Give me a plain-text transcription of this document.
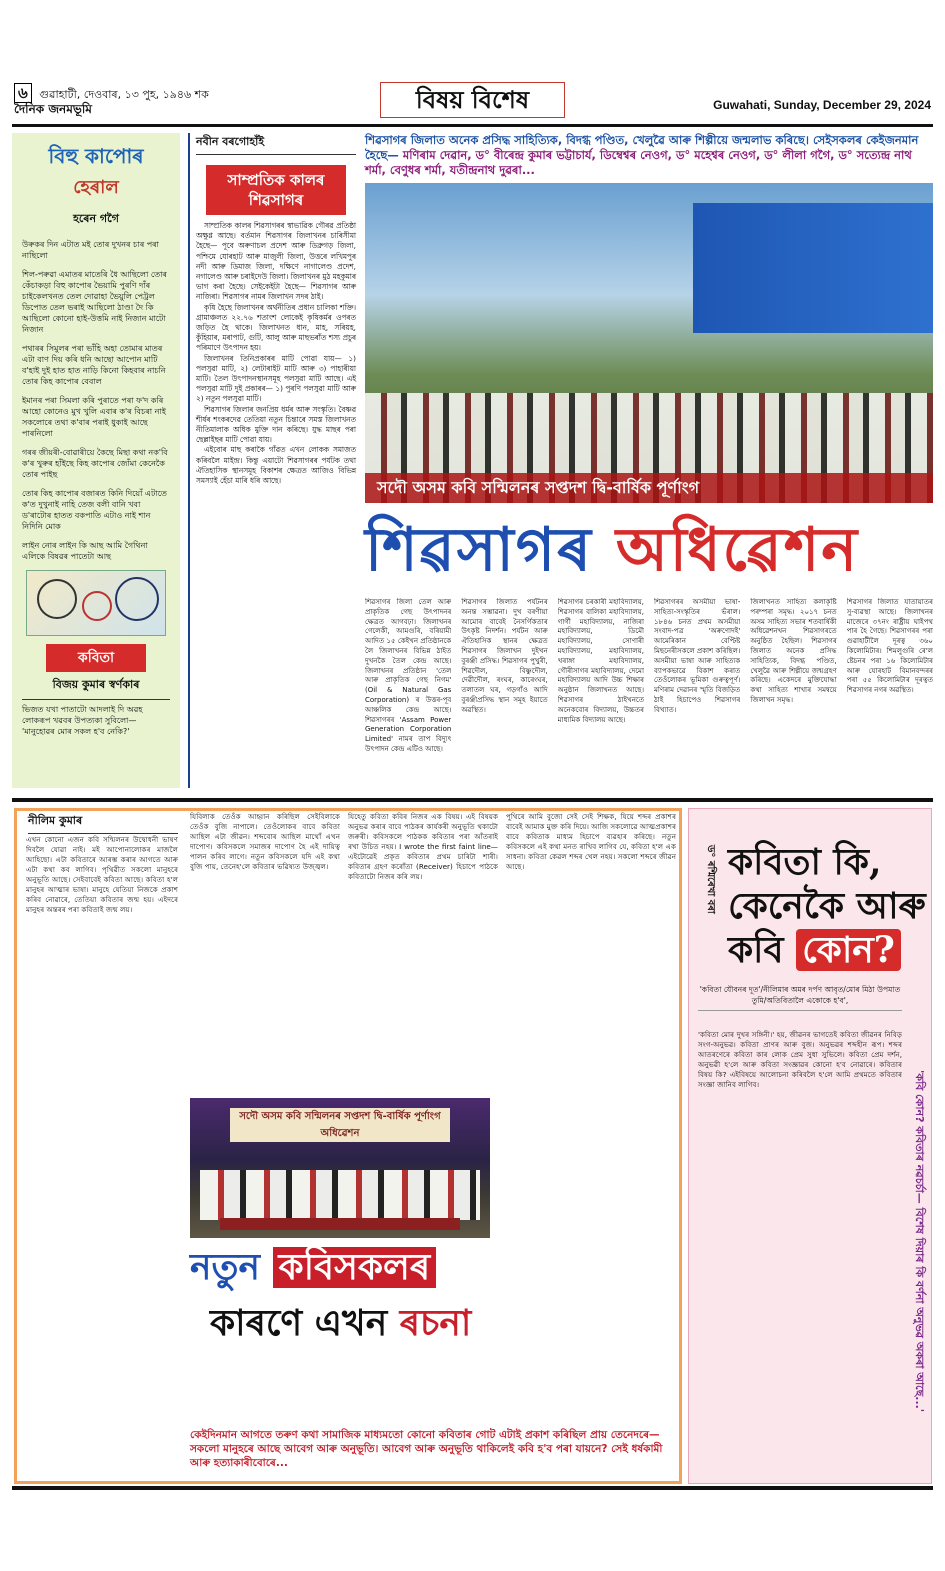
৬ গুৱাহাটী, দেওবাৰ, ১৩ পুহ, ১৯৪৬ শক
দৈনিক জনমভূমি	বিষয় বিশেষ	Guwahati, Sunday, December 29, 2024
বিহু কাপোৰ
হেৰাল
হৰেন গগৈ

উৰুকৰ দিন এটাত মই তোৰ দুখনৰ চাৰ পৰা নাছিলো

শিল-পৰুৱা এমাতৰ মাতেৰি ধৈ আছিলো তোৰ কেঁচাকড়া বিহু কাপোৰ ভৈয়ামি পুৰণি দাঁৰ চাইকেলখনত তেল দোৱাহা ভৈয়ুলি পেট্ৰল ডিপোত তেল ভৰাই আছিলো ঠাণ্ডা দৈ কি আছিলো কোনো হাই-উত্তমি নাই নিজান মাটো নিজান

পথাৰৰ সিমুলৰ পৰা ভাঁহি অহা তোমাৰ মাতৰ এটা বাণ দিয় কৰি ধনি আছো আপোন মাটি ব'হাই দুই হাত হাত নাড়ি কিনো কিহবাৰ নাচনি তোৰ কিহ কাপোৰ বেবাল

ইমানৰ পৰা সিমলা কৰি পুৰাতে পৰা ফ'দ কৰি আহো কোনেও মুখ খুলি এবাৰ ক'ৰ বিচৰা নাই সকলোৰে তথা ক'বাৰ পৰাই ধুকাই আছে পাৰনিলো

গৰৰ জীয়ৰী-বোৱাৰীয়ে কৈছে মিছা কথা নক'বি ক'ৰ খুৰুৰ হাঁইছে কিহ কাপোৰ জোঁমা কেনেকৈ তোৰ পাইছ

তোৰ কিহ কাপোৰ বজাৰত কিনি দিয়োঁ এটাতে ক'ত দুখুনাই নাহি তেজ বলী বানি খবা ড'ৰাটোৰ হাতত বকপাতি এটাও নাই শান নিদিনি মোক

লাইন নোৰ লাইন কি আছ আমি গৈথিনা এলিকে বিষৱৰ পাতেটা আছ

কবিতা
বিজয় কুমাৰ স্বৰ্ণকাৰ
ভিজত যখা পাতাটো আদলাই দি অৱহ লোকৰূপ খৱবৰ উপত্যকা সুবিলো— 'মানুহোৱৰ মোৰ সকল হ'ব নেকি?'
নবীন বৰগোহাঁই
সাম্প্ৰতিক কালৰ শিৱসাগৰ

সাম্প্ৰতিক কালৰ শিৱসাগৰৰ স্বাভাৱিক গৌৰৱ প্ৰতিষ্ঠা অক্ষুণ্ণ আছে। বৰ্তমান শিৱসাগৰ জিলাখনৰ চাৰিসীমা হৈছে— পূবে অৰুণাচল প্ৰদেশ আৰু ডিব্ৰুগড় জিলা, পশ্চিমে যোৰহাট আৰু মাজুলী জিলা, উত্তৰে লখিমপুৰ নদী আৰু ডিমাজ জিলা, দক্ষিণে নাগালেণ্ড প্ৰদেশ, নগালেণ্ড আৰু চৰাইদেউ জিলা। জিলাখনৰ মুঠ মহকুমাৰ ভাগ কৰা হৈছে। সেইকেইটা হৈছে— শিৱসাগৰ আৰু নাজিৰা। শিৱসাগৰ নামৰ জিলাখন সদৰ ঠাই।

কৃষি হৈছে জিলাখনৰ অৰ্থনীতিৰ প্ৰধান চালিকা শক্তি। গ্ৰামাঞ্চলত ২২.৭৬ শতাংশ লোকেই কৃষিকৰ্মৰ ওপৰত জড়িত হৈ থাকে। জিলাখনত ধান, মাহ, সৰিয়হ, কুঁহিয়াৰ, মৰাপাট, গুটি, আলু আৰু মাছভৰাঁত শস্য প্ৰচুৰ পৰিমাণে উৎপাদন হয়।

জিলাখনৰ তিনিপ্ৰকাৰৰ মাটি পোৱা যায়— ১) পলসুৱা মাটি, ২) লেটাৰাইট মাটি আৰু ৩) পাহাৰীয়া মাটি। তৈল উৎপাদনস্থানসমূহ পলসুৱা মাটি আছে। এই পলসুৱা মাটি দুই প্ৰকাৰৰ— ১) পুৰণি পলসুৱা মাটি আৰু ২) নতুন পলসুৱা মাটি।

শিৱসাগৰ জিলাৰ জনপ্ৰিয় ধৰ্মৰ আৰু সংস্কৃতি। বৈষ্ণৱ শীৰ্ষৰ শংকৰদেৱ তেতিয়া নতুন চিন্তাৰে সমস্ত জিলাখনত নীতিমালাক অধিক মুক্তি দান কৰিছে। যুদ্ধ মাছৰ পৰা ছেল্লাইছৰ মাটি পোৱা যায়।

এইবোৰ মাছ কৰাকৈ গাঁৱত এখন লোকক সমাজত কৰিবলৈ মাইন্দ্ৰ। কিন্তু এয়াটো শিৱসাগৰৰ পৰ্যটক তথা ঐতিহাসিক স্থানসমূহ বিকাশৰ ক্ষেত্ৰত আজিও বিভিন্ন সমস্যাই হেঁচা মাৰি ধৰি আছে।

শিৱসাগৰ জিলাত অনেক প্ৰসিদ্ধ সাহিত্যিক, বিদগ্ধ পণ্ডিত, খেলুৱৈ আৰু শিল্পীয়ে জন্মলাভ কৰিছে। সেইসকলৰ কেইজনমান হৈছে— মণিৰাম দেৱান, ড° বীৰেন্দ্ৰ কুমাৰ ভট্টাচাৰ্য, ডিম্বেশ্বৰ নেওগ, ড° মহেশ্বৰ নেওগ, ড° লীলা গগৈ, ড° সত্যেন্দ্ৰ নাথ শৰ্মা, বেণুধৰ শৰ্মা, যতীন্দ্ৰনাথ দুৱৰা...
সদৌ অসম কবি সন্মিলনৰ সপ্তদশ দ্বি-বাৰ্ষিক পূৰ্ণাংগ
শিৱসাগৰ অধিৱেশন
শিৱসাগৰ জিলা তেল আৰু প্ৰাকৃতিক গেছ উৎপাদনৰ ক্ষেত্ৰত আগবঢ়া। জিলাখনৰ গেলেকী, আমগুৰি, বৰিয়ামী আদিত ১৫ কেইখন প্ৰতিষ্ঠানকে লৈ জিলাখনৰ বিভিন্ন ঠাইত দুখনকৈ তৈল কেন্দ্ৰ আছে। জিলাখনৰ প্ৰতিষ্ঠান 'তেল আৰু প্ৰাকৃতিক গেছ নিগম' (Oil & Natural Gas Corporation) ৰ উত্তৰ-পূব আঞ্চলিক কেন্দ্ৰ আছে। শিৱসাগৰৰ 'Assam Power Generation Corporation Limited' নামৰ তাপ বিদ্যুৎ উৎপাদন কেন্দ্ৰ এটিও আছে।
শিৱসাগৰ জিলাত পৰ্যটনৰ অনন্ত সম্ভাৱনা। দুখ বৰণীয়া আমোৰ বাবেই নৈসৰ্গিকতাৰ উৎকৃষ্ট নিদৰ্শন। পৰ্যটন আৰু ঐতিহাসিক স্থানৰ ক্ষেত্ৰত শিৱসাগৰ জিলাখন দুইখন বুৰঞ্জী প্ৰসিদ্ধ। শিৱসাগৰ পুখুৰী, শিৱদৌল, বিষ্ণুদৌল, দেৱীদৌল, ৰংঘৰ, কাৰেংঘৰ, তলাতল ঘৰ, গড়গাঁও আদি বুৰঞ্জীপ্ৰসিদ্ধ স্থান সমূহ ইয়াতে অৱস্থিত।
শিৱসাগৰ চৰকাৰী মহাবিদ্যালয়, শিৱসাগৰ বালিকা মহাবিদ্যালয়, গাৰ্গী মহাবিদ্যালয়, নাজিৰা মহাবিদ্যালয়, ডিমৌ মহাবিদ্যালয়, সোণাৰী মহাবিদ্যালয়, মহাবিদ্যালয়, খৰাঙ্গা মহাবিদ্যালয়, গৌৰীসাগৰ মহাবিদ্যালয়, দেমো মহাবিদ্যালয় আদি উচ্চ শিক্ষাৰ অনুষ্ঠান জিলাখনত আছে। শিৱসাগৰ ঠাইখনতে অনেকবোৰ বিদ্যালয়, উচ্চতৰ মাধ্যমিক বিদ্যালয় আছে।
শিৱসাগৰৰ অসমীয়া ভাষা-সাহিত্য-সংস্কৃতিৰ ভঁৰাল। ১৮৪৬ চনত প্ৰথম অসমীয়া সংবাদ-পত্ৰ 'অৰুণোদই' আমেৰিকান বেপ্টিষ্ট মিছনেৰীসকলে প্ৰকাশ কৰিছিল। অসমীয়া ভাষা আৰু সাহিত্যক ব্যাপকভাৱে বিকাশ কৰাত তেওঁলোকৰ ভূমিকা গুৰুত্বপূৰ্ণ। মণিৰাম দেৱানৰ স্মৃতি বিজড়িত ঠাই হিচাপেও শিৱসাগৰ বিখ্যাত।
জিলাখনত সাহিত্য কলাকৃষ্টি পৰম্পৰা সমৃদ্ধ। ২০১৭ চনত অসম সাহিত্য সভাৰ শতবাৰ্ষিকী অধিৱেশনখন শিৱসাগৰতে অনুষ্ঠিত হৈছিল। শিৱসাগৰ জিলাত অনেক প্ৰসিদ্ধ সাহিত্যিক, বিদগ্ধ পণ্ডিত, খেলুৱৈ আৰু শিল্পীয়ে জন্মগ্ৰহণ কৰিছে। একেদৰে মুক্তিযোদ্ধা কথা সাহিত্য শাখাৰ সমন্বয়ে জিলাখন সমৃদ্ধ।
শিৱসাগৰ জিলাত যাতায়াতৰ সু-ব্যৱস্থা আছে। জিলাখনৰ মাজেৰে ৩৭নং ৰাষ্ট্ৰীয় ঘাইপথ পাৰ হৈ গৈছে। শিৱসাগৰৰ পৰা গুৱাহাটীলৈ দূৰত্ব ৩৬০ কিলোমিটাৰ। শিমলুগুৰি ৰে'ল ষ্টেচনৰ পৰা ১৬ কিলোমিটাৰ আৰু যোৰহাট বিমানবন্দৰৰ পৰা ৫৫ কিলোমিটাৰ দূৰত্বত শিৱসাগৰ নগৰ অৱস্থিত।
নীলিম কুমাৰ
এখন কোনো এজন কবি সন্মিলনৰ উদ্বোধনী ভাষণ দিবলৈ যোৱা নাই। মই আপোনালোকৰ মাজলৈ আহিছো। এটা কবিতাৰে আৰম্ভ কৰাৰ আগতে আৰু এটা কথা কব লাগিব। পৃথিৱীত সকলো মানুহৰে অনুভূতি আছে। সেইবাবেই কবিতা আছে। কবিতা হ'ল মানুহৰ আত্মাৰ ভাষা। মানুহে যেতিয়া নিজকে প্ৰকাশ কৰিব নোৱাৰে, তেতিয়া কবিতাৰ জন্ম হয়। এইদৰে মানুহৰ অন্তৰৰ পৰা কবিতাই জন্ম লয়।
যিবিলাক তেওঁক আহ্বান কৰিছিল সেইবিলাকে তেওঁক বুজি নাপালে। তেওঁলোকৰ বাবে কবিতা আছিল এটা জীৱন। শব্দবোৰ আছিল মাথোঁ এখন দাপোণ। কবিসকলে সমাজৰ দাপোণ হৈ এই দায়িত্ব পালন কৰিব লাগে। নতুন কবিসকলে যদি এই কথা বুজি পায়, তেনেহ'লে কবিতাৰ ভৱিষ্যত উজ্জ্বল।
যিহেতু কবিতা কবিৰ নিজৰ এক বিষয়। এই বিষয়ক অনুভৱ কৰাৰ বাবে পাঠকৰ কাৰ্যকৰী অনুভূতি থকাটো জৰুৰী। কবিসকলে পাঠকক কবিতাৰ পৰা আঁতৰাই ৰখা উচিত নহয়। I wrote the first faint line—এইটোৱেই প্ৰকৃত কবিতাৰ প্ৰথম চাৰিটা শাৰী। কবিতাৰ গ্ৰহণ কৰোঁতা (Receiver) হিচাপে পাঠকে কবিতাটো নিজৰ কৰি লয়।
পুথিৰে আমি বুজো সেই সেই শিক্ষক, যিয়ে শব্দৰ প্ৰকাশৰ বাবেই আমাক মুক্ত কৰি দিয়ে। আজি সকলোৱে আত্মপ্ৰকাশৰ বাবে কবিতাক মাধ্যম হিচাপে ব্যৱহাৰ কৰিছে। নতুন কবিসকলে এই কথা মনত ৰাখিব লাগিব যে, কবিতা হ'ল এক সাধনা। কবিতা কেৱল শব্দৰ খেল নহয়। সকলো শব্দৰে জীৱন আছে।
সদৌ অসম কবি সন্মিলনৰ সপ্তদশ দ্বি-বাৰ্ষিক পূৰ্ণাংগ অধিৱেশন
নতুন কবিসকলৰ
কাৰণে এখন ৰচনা
কেইদিনমান আগতে তৰুণ কথা সামাজিক মাধ্যমতো কোনো কবিতাৰ গোট এটাই প্ৰকাশ কৰিছিল প্ৰায় তেনেদৰে— সকলো মানুহৰে আছে আবেগ আৰু অনুভূতি। আবেগ আৰু অনুভূতি থাকিলেই কবি হ'ব পৰা যায়নে? সেই ধৰ্ষকামী আৰু হত্যাকাৰীবোৰে...
ড° ৰশ্মিৰেখা বৰা কবিতা কি,
কেনেকৈ আৰু
কবি কোন?
'কবিতা যৌবনৰ দূত'/নীলিমাৰ অমৰ দৰ্পণ আবৃত/মোৰ মিঠা উপমাত তুমি/অতিবিতালৈ একোকে হ'ব',
'কবিতা মোৰ দুখৰ সঙ্গিনী।' হয়, জীৱনৰ ভাগতেই কবিতা জীৱনৰ নিবিড় সংগ-অনুভৱ। কবিতা প্ৰাণৰ আৰু বুজ। অনুভৱৰ শব্দহীন ৰূপ। শব্দৰ আতৰণেৰে কবিতা কাৰ লোক প্ৰেম সুধা সুভিলে। কবিতা প্ৰেম দৰ্শন, অনুভৱী হ'লে আৰু কবিতা সংজ্ঞাৱৰ কোনো হ'ব নোৱাৰে। কবিতাৰ বিষয় কি? এইবিষয়ে আলোচনা কৰিবলৈ হ'লে আমি প্ৰথমতে কবিতাৰ সংজ্ঞা জানিব লাগিব।	'কবি কোন? কবিতাৰ নৱচৰ্চা— বিশেষ দিয়াৰ কি বৰ্ণনা অনুভৱ অকৰা আছে...'
